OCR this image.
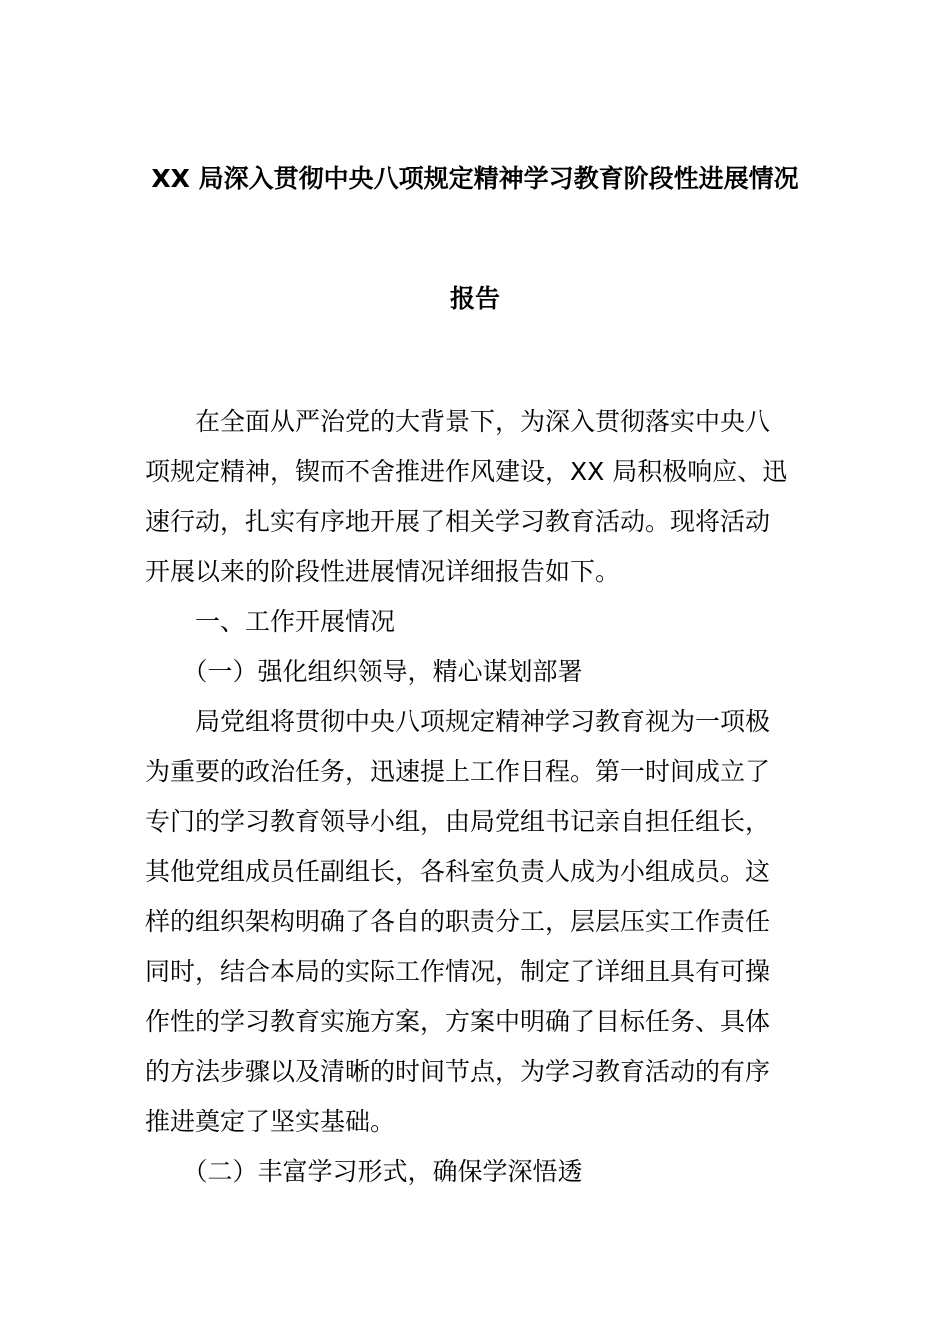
XX 局深入贯彻中央八项规定精神学习教育阶段性进展情况
报告
　　在全面从严治党的大背景下，为深入贯彻落实中央八
项规定精神，锲而不舍推进作风建设，XX 局积极响应、迅
速行动，扎实有序地开展了相关学习教育活动。现将活动
开展以来的阶段性进展情况详细报告如下。
　　一、工作开展情况
　　（一）强化组织领导，精心谋划部署
　　局党组将贯彻中央八项规定精神学习教育视为一项极
为重要的政治任务，迅速提上工作日程。第一时间成立了
专门的学习教育领导小组，由局党组书记亲自担任组长，
其他党组成员任副组长，各科室负责人成为小组成员。这
样的组织架构明确了各自的职责分工，层层压实工作责任
同时，结合本局的实际工作情况，制定了详细且具有可操
作性的学习教育实施方案，方案中明确了目标任务、具体
的方法步骤以及清晰的时间节点，为学习教育活动的有序
推进奠定了坚实基础。
　　（二）丰富学习形式，确保学深悟透
